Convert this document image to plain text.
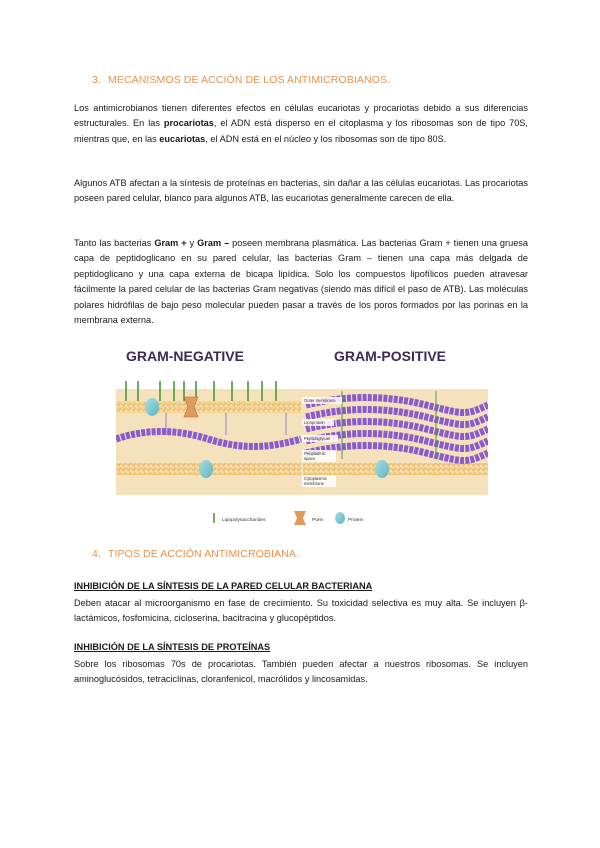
3. MECANISMOS DE ACCIÓN DE LOS ANTIMICROBIANOS.
Los antimicrobianos tienen diferentes efectos en células eucariotas y procariotas debido a sus diferencias estructurales. En las procariotas, el ADN está disperso en el citoplasma y los ribosomas son de tipo 70S, mientras que, en las eucariotas, el ADN está en el núcleo y los ribosomas son de tipo 80S.
Algunos ATB afectan a la síntesis de proteínas en bacterias, sin dañar a las células eucariotas. Las procariotas poseen pared celular, blanco para algunos ATB, las eucariotas generalmente carecen de ella.
Tanto las bacterias Gram + y Gram – poseen membrana plasmática. Las bacterias Gram + tienen una gruesa capa de peptidoglicano en su pared celular, las bacterias Gram – tienen una capa más delgada de peptidoglicano y una capa externa de bicapa lipídica. Solo los compuestos lipofílicos pueden atravesar fácilmente la pared celular de las bacterias Gram negativas (siendo más difícil el paso de ATB). Las moléculas polares hidrófilas de bajo peso molecular pueden pasar a través de los poros formados por las porinas en la membrana externa.
GRAM-NEGATIVE	GRAM-POSITIVE
Outer membrane
Lipoprotein
Peptidoglycan
Periplasmic
space
Cytoplasmic
membrane
Lipopolysaccharides	Porin	Protein
4. TIPOS DE ACCIÓN ANTIMICROBIANA.
INHIBICIÓN DE LA SÍNTESIS DE LA PARED CELULAR BACTERIANA
Deben atacar al microorganismo en fase de crecimiento. Su toxicidad selectiva es muy alta. Se incluyen β-lactámicos, fosfomicina, cicloserina, bacitracina y glucopéptidos.
INHIBICIÓN DE LA SÍNTESIS DE PROTEÍNAS
Sobre los ribosomas 70s de procariotas. También pueden afectar a nuestros ribosomas. Se incluyen aminoglucósidos, tetraciclinas, cloranfenicol, macrólidos y lincosamidas.
